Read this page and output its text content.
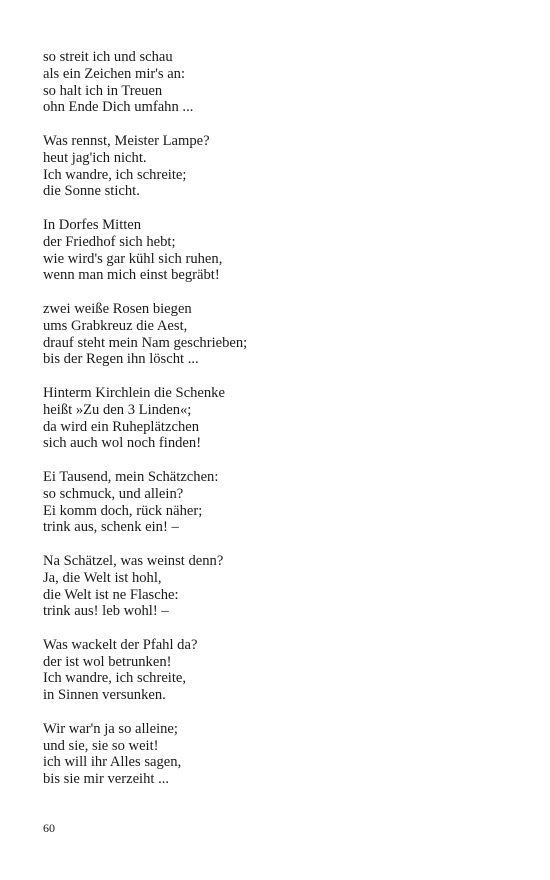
so streit ich und schau
als ein Zeichen mir's an:
so halt ich in Treuen
ohn Ende Dich umfahn ...
Was rennst, Meister Lampe?
heut jag'ich nicht.
Ich wandre, ich schreite;
die Sonne sticht.
In Dorfes Mitten
der Friedhof sich hebt;
wie wird's gar kühl sich ruhen,
wenn man mich einst begräbt!
zwei weiße Rosen biegen
ums Grabkreuz die Aest,
drauf steht mein Nam geschrieben;
bis der Regen ihn löscht ...
Hinterm Kirchlein die Schenke
heißt »Zu den 3 Linden«;
da wird ein Ruheplätzchen
sich auch wol noch finden!
Ei Tausend, mein Schätzchen:
so schmuck, und allein?
Ei komm doch, rück näher;
trink aus, schenk ein! –
Na Schätzel, was weinst denn?
Ja, die Welt ist hohl,
die Welt ist ne Flasche:
trink aus! leb wohl! –
Was wackelt der Pfahl da?
der ist wol betrunken!
Ich wandre, ich schreite,
in Sinnen versunken.
Wir war'n ja so alleine;
und sie, sie so weit!
ich will ihr Alles sagen,
bis sie mir verzeiht ...
60
